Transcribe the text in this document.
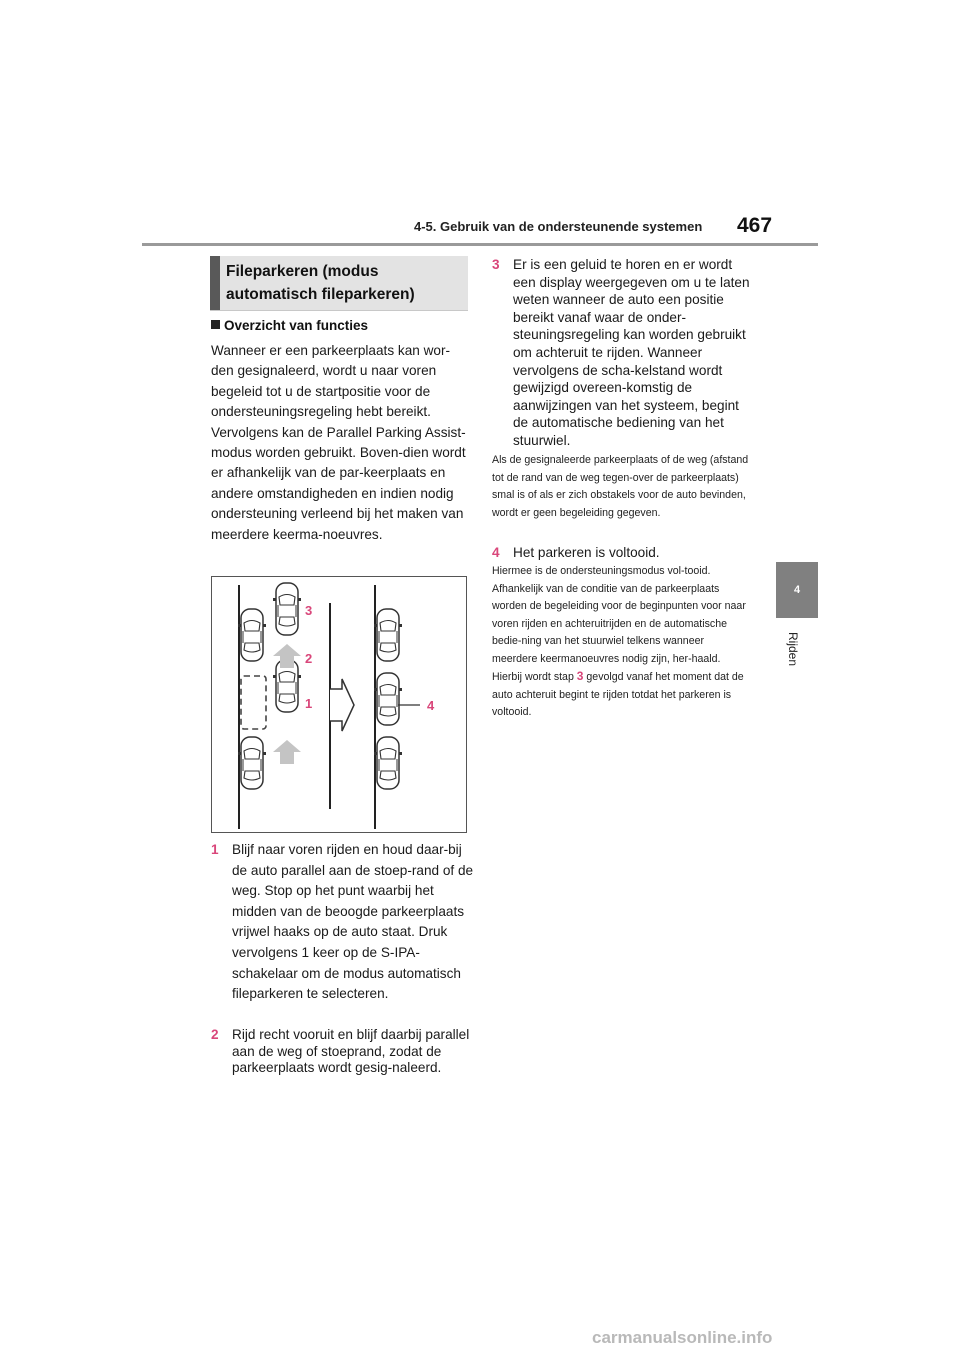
4-5. Gebruik van de ondersteunende systemen 467
4
Rijden
Fileparkeren (modus
automatisch fileparkeren)
Overzicht van functies
Wanneer er een parkeerplaats kan wor-den gesignaleerd, wordt u naar voren begeleid tot u de startpositie voor de ondersteuningsregeling hebt bereikt. Vervolgens kan de Parallel Parking Assist-modus worden gebruikt. Boven-dien wordt er afhankelijk van de par-keerplaats en andere omstandigheden en indien nodig ondersteuning verleend bij het maken van meerdere keerma-noeuvres.
3
2
1	4
1 Blijf naar voren rijden en houd daar-bij de auto parallel aan de stoep-rand of de weg. Stop op het punt waarbij het midden van de beoogde parkeerplaats vrijwel haaks op de auto staat. Druk vervolgens 1 keer op de S-IPA-schakelaar om de modus automatisch fileparkeren te selecteren.
2 Rijd recht vooruit en blijf daarbij parallel aan de weg of stoeprand, zodat de parkeerplaats wordt gesig-naleerd.
3 Er is een geluid te horen en er wordt een display weergegeven om u te laten weten wanneer de auto een positie bereikt vanaf waar de onder-steuningsregeling kan worden gebruikt om achteruit te rijden. Wanneer vervolgens de scha-kelstand wordt gewijzigd overeen-komstig de aanwijzingen van het systeem, begint de automatische bediening van het stuurwiel.
Als de gesignaleerde parkeerplaats of de weg (afstand tot de rand van de weg tegen-over de parkeerplaats) smal is of als er zich obstakels voor de auto bevinden, wordt er geen begeleiding gegeven.
4 Het parkeren is voltooid.
Hiermee is de ondersteuningsmodus vol-tooid. Afhankelijk van de conditie van de parkeerplaats worden de begeleiding voor de beginpunten voor naar voren rijden en achteruitrijden en de automatische bedie-ning van het stuurwiel telkens wanneer meerdere keermanoeuvres nodig zijn, her-haald. Hierbij wordt stap 3 gevolgd vanaf het moment dat de auto achteruit begint te rijden totdat het parkeren is voltooid.
carmanualsonline.info
